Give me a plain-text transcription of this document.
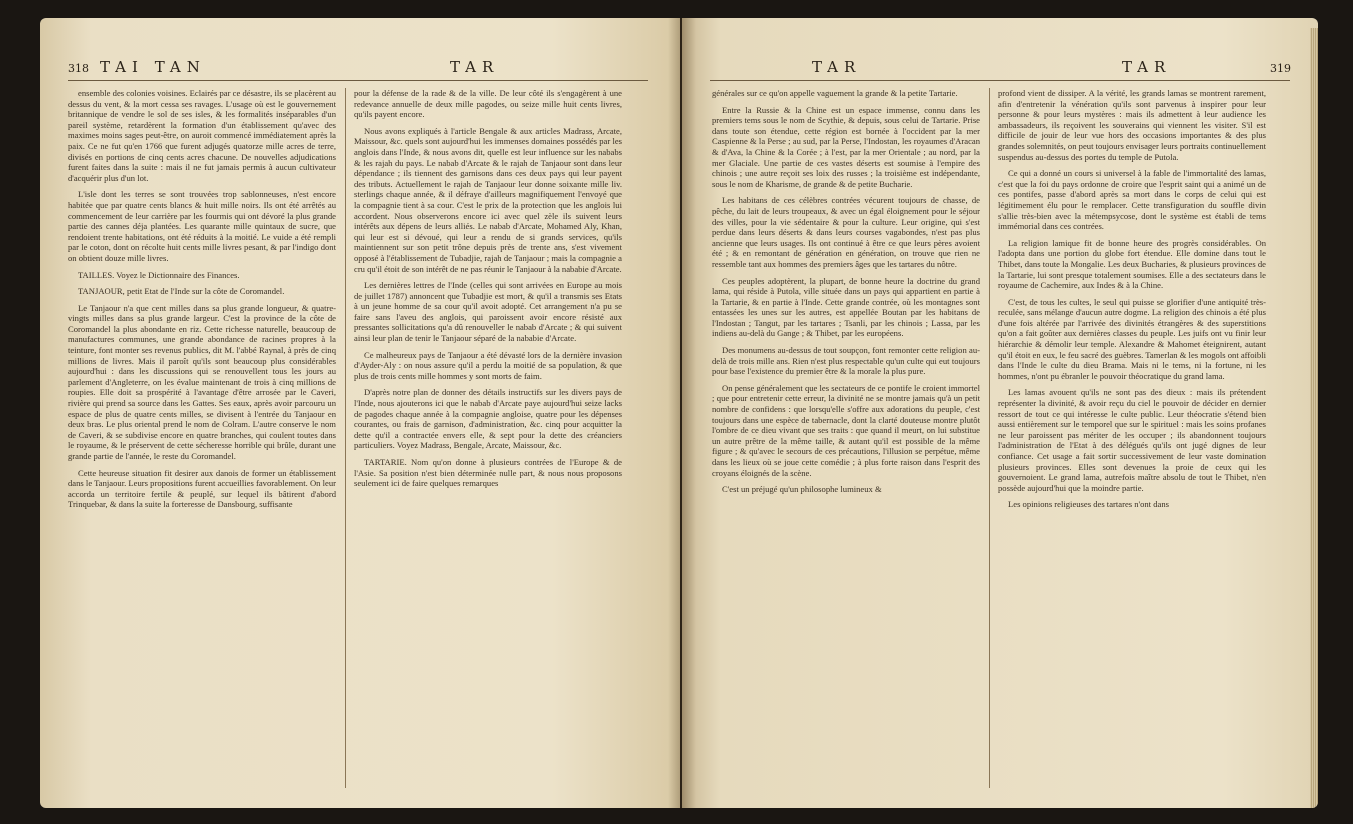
318 TAI TAN	TAR

ensemble des colonies voisines. Eclairés par ce désastre, ils se placèrent au dessus du vent, & la mort cessa ses ravages. L'usage où est le gouvernement britannique de vendre le sol de ses isles, & les formalités inséparables d'un pareil système, retardèrent la formation d'un établissement qu'avec des maximes moins sages peut-être, on auroit commencé immédiatement après la paix. Ce ne fut qu'en 1766 que furent adjugés quatorze mille acres de terre, divisés en portions de cinq cents acres chacune. De nouvelles adjudications furent faites dans la suite : mais il ne fut jamais permis à aucun cultivateur d'acquérir plus d'un lot.

L'isle dont les terres se sont trouvées trop sablonneuses, n'est encore habitée que par quatre cents blancs & huit mille noirs. Ils ont été arrêtés au commencement de leur carrière par les fourmis qui ont dévoré la plus grande partie des cannes déja plantées. Les quarante mille quintaux de sucre, que rendoient trente habitations, ont été réduits à la moitié. Le vuide a été rempli par le coton, dont on récolte huit cents mille livres pesant, & par l'indigo dont on obtient douze mille livres.

TAILLES. Voyez le Dictionnaire des Finances.

TANJAOUR, petit Etat de l'Inde sur la côte de Coromandel.

Le Tanjaour n'a que cent milles dans sa plus grande longueur, & quatre-vingts milles dans sa plus grande largeur. C'est la province de la côte de Coromandel la plus abondante en riz. Cette richesse naturelle, beaucoup de manufactures communes, une grande abondance de racines propres à la teinture, font monter ses revenus publics, dit M. l'abbé Raynal, à près de cinq millions de livres. Mais il paroît qu'ils sont beaucoup plus considérables aujourd'hui : dans les discussions qui se renouvellent tous les jours au parlement d'Angleterre, on les évalue maintenant de trois à cinq millions de roupies. Elle doit sa prospérité à l'avantage d'être arrosée par le Caveri, rivière qui prend sa source dans les Gattes. Ses eaux, après avoir parcouru un espace de plus de quatre cents milles, se divisent à l'entrée du Tanjaour en deux bras. Le plus oriental prend le nom de Colram. L'autre conserve le nom de Caveri, & se subdivise encore en quatre branches, qui coulent toutes dans le royaume, & le préservent de cette sécheresse horrible qui brûle, durant une grande partie de l'année, le reste du Coromandel.

Cette heureuse situation fit desirer aux danois de former un établissement dans le Tanjaour. Leurs propositions furent accueillies favorablement. On leur accorda un territoire fertile & peuplé, sur lequel ils bâtirent d'abord Trinquebar, & dans la suite la forteresse de Dansbourg, suffisante

pour la défense de la rade & de la ville. De leur côté ils s'engagèrent à une redevance annuelle de deux mille pagodes, ou seize mille huit cents livres, qu'ils payent encore.

Nous avons expliqués à l'article Bengale & aux articles Madrass, Arcate, Maissour, &c. quels sont aujourd'hui les immenses domaines possédés par les anglois dans l'Inde, & nous avons dit, quelle est leur influence sur les nababs & les rajah du pays. Le nabab d'Arcate & le rajah de Tanjaour sont dans leur dépendance ; ils tiennent des garnisons dans ces deux pays qui leur payent des tributs. Actuellement le rajah de Tanjaour leur donne soixante mille liv. sterlings chaque année, & il défraye d'ailleurs magnifiquement l'envoyé que la compagnie tient à sa cour. C'est le prix de la protection que les anglois lui accordent. Nous observerons encore ici avec quel zèle ils suivent leurs intérêts aux dépens de leurs alliés. Le nabab d'Arcate, Mohamed Aly, Khan, qui leur est si dévoué, qui leur a rendu de si grands services, qu'ils maintiennent sur son petit trône depuis près de trente ans, s'est vivement opposé à l'établissement de Tubadjie, rajah de Tanjaour ; mais la compagnie a cru qu'il étoit de son intérêt de ne pas réunir le Tanjaour à la nababie d'Arcate.

Les dernières lettres de l'Inde (celles qui sont arrivées en Europe au mois de juillet 1787) annoncent que Tubadjie est mort, & qu'il a transmis ses Etats à un jeune homme de sa cour qu'il avoit adopté. Cet arrangement n'a pu se faire sans l'aveu des anglois, qui paroissent avoir encore résisté aux pressantes sollicitations qu'a dû renouveller le nabab d'Arcate ; & qui suivent ainsi leur plan de tenir le Tanjaour séparé de la nababie d'Arcate.

Ce malheureux pays de Tanjaour a été dévasté lors de la dernière invasion d'Ayder-Aly : on nous assure qu'il a perdu la moitié de sa population, & que plus de trois cents mille hommes y sont morts de faim.

D'après notre plan de donner des détails instructifs sur les divers pays de l'Inde, nous ajouterons ici que le nabab d'Arcate paye aujourd'hui seize lacks de pagodes chaque année à la compagnie angloise, quatre pour les dépenses courantes, ou frais de garnison, d'administration, &c. cinq pour acquitter la dette qu'il a contractée envers elle, & sept pour la dette des créanciers particuliers. Voyez Madrass, Bengale, Arcate, Maissour, &c.

TARTARIE. Nom qu'on donne à plusieurs contrées de l'Europe & de l'Asie. Sa position n'est bien déterminée nulle part, & nous nous proposons seulement ici de faire quelques remarques

TAR	TAR	319

générales sur ce qu'on appelle vaguement la grande & la petite Tartarie.

Entre la Russie & la Chine est un espace immense, connu dans les premiers tems sous le nom de Scythie, & depuis, sous celui de Tartarie. Prise dans toute son étendue, cette région est bornée à l'occident par la mer Caspienne & la Perse ; au sud, par la Perse, l'Indostan, les royaumes d'Aracan & d'Ava, la Chine & la Corée ; à l'est, par la mer Orientale ; au nord, par la mer Glaciale. Une partie de ces vastes déserts est soumise à l'empire des chinois ; une autre reçoit ses loix des russes ; la troisième est indépendante, sous le nom de Kharisme, de grande & de petite Bucharie.

Les habitans de ces célèbres contrées vécurent toujours de chasse, de pêche, du lait de leurs troupeaux, & avec un égal éloignement pour le séjour des villes, pour la vie sédentaire & pour la culture. Leur origine, qui s'est perdue dans leurs déserts & dans leurs courses vagabondes, n'est pas plus ancienne que leurs usages. Ils ont continué à être ce que leurs pères avoient été ; & en remontant de génération en génération, on trouve que rien ne ressemble tant aux hommes des premiers âges que les tartares du nôtre.

Ces peuples adoptèrent, la plupart, de bonne heure la doctrine du grand lama, qui réside à Putola, ville située dans un pays qui appartient en partie à la Tartarie, & en partie à l'Inde. Cette grande contrée, où les montagnes sont entassées les unes sur les autres, est appellée Boutan par les habitans de l'Indostan ; Tangut, par les tartares ; Tsanli, par les chinois ; Lassa, par les indiens au-delà du Gange ; & Thibet, par les européens.

Des monumens au-dessus de tout soupçon, font remonter cette religion au-delà de trois mille ans. Rien n'est plus respectable qu'un culte qui eut toujours pour base l'existence du premier être & la morale la plus pure.

On pense généralement que les sectateurs de ce pontife le croient immortel ; que pour entretenir cette erreur, la divinité ne se montre jamais qu'à un petit nombre de confidens : que lorsqu'elle s'offre aux adorations du peuple, c'est toujours dans une espèce de tabernacle, dont la clarté douteuse montre plutôt l'ombre de ce dieu vivant que ses traits : que quand il meurt, on lui substitue un autre prêtre de la même taille, & autant qu'il est possible de la même figure ; & qu'avec le secours de ces précautions, l'illusion se perpétue, même dans les lieux où se joue cette comédie ; à plus forte raison dans l'esprit des croyans éloignés de la scène.

C'est un préjugé qu'un philosophe lumineux &

profond vient de dissiper. A la vérité, les grands lamas se montrent rarement, afin d'entretenir la vénération qu'ils sont parvenus à inspirer pour leur personne & pour leurs mystères : mais ils admettent à leur audience les ambassadeurs, ils reçoivent les souverains qui viennent les visiter. S'il est difficile de jouir de leur vue hors des occasions importantes & des plus grandes solemnités, on peut toujours envisager leurs portraits continuellement suspendus au-dessus des portes du temple de Putola.

Ce qui a donné un cours si universel à la fable de l'immortalité des lamas, c'est que la foi du pays ordonne de croire que l'esprit saint qui a animé un de ces pontifes, passe d'abord après sa mort dans le corps de celui qui est légitimement élu pour le remplacer. Cette transfiguration du souffle divin s'allie très-bien avec la métempsycose, dont le système est établi de tems immémorial dans ces contrées.

La religion lamique fit de bonne heure des progrès considérables. On l'adopta dans une portion du globe fort étendue. Elle domine dans tout le Thibet, dans toute la Mongalie. Les deux Bucharies, & plusieurs provinces de la Tartarie, lui sont presque totalement soumises. Elle a des sectateurs dans le royaume de Cachemire, aux Indes & à la Chine.

C'est, de tous les cultes, le seul qui puisse se glorifier d'une antiquité très-reculée, sans mélange d'aucun autre dogme. La religion des chinois a été plus d'une fois altérée par l'arrivée des divinités étrangères & des superstitions qu'on a fait goûter aux dernières classes du peuple. Les juifs ont vu finir leur hiérarchie & démolir leur temple. Alexandre & Mahomet éteignirent, autant qu'il étoit en eux, le feu sacré des guèbres. Tamerlan & les mogols ont affoibli dans l'Inde le culte du dieu Brama. Mais ni le tems, ni la fortune, ni les hommes, n'ont pu ébranler le pouvoir théocratique du grand lama.

Les lamas avouent qu'ils ne sont pas des dieux : mais ils prétendent représenter la divinité, & avoir reçu du ciel le pouvoir de décider en dernier ressort de tout ce qui intéresse le culte public. Leur théocratie s'étend bien aussi entièrement sur le temporel que sur le spirituel : mais les soins profanes ne leur paroissent pas mériter de les occuper ; ils abandonnent toujours l'administration de l'Etat à des délégués qu'ils ont jugé dignes de leur confiance. Cet usage a fait sortir successivement de leur vaste domination plusieurs provinces. Elles sont devenues la proie de ceux qui les gouvernoient. Le grand lama, autrefois maître absolu de tout le Thibet, n'en possède aujourd'hui que la moindre partie.

Les opinions religieuses des tartares n'ont dans
